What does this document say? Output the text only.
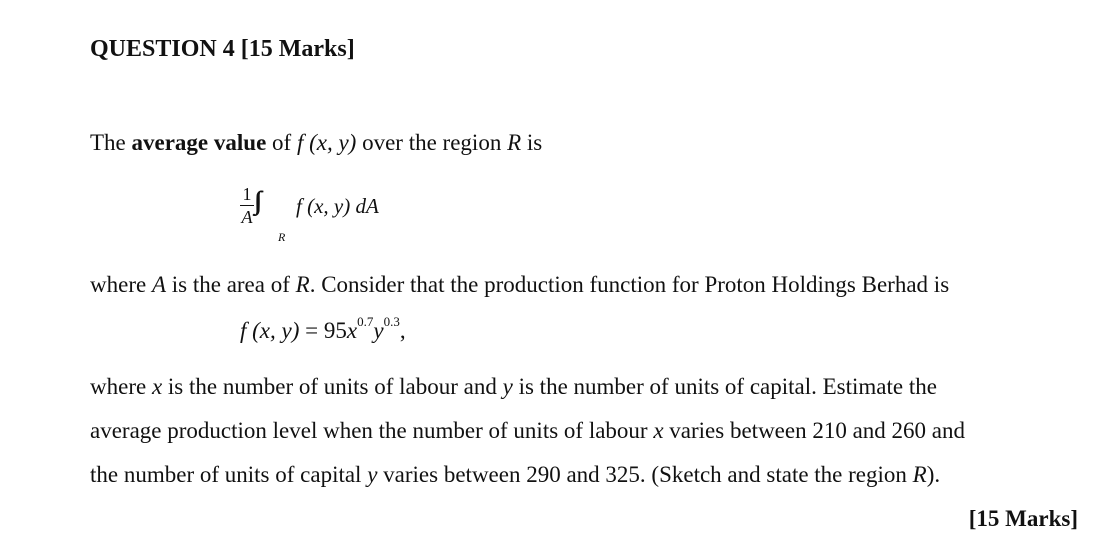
QUESTION 4 [15 Marks]
The average value of f (x, y) over the region R is
1
A
∫∫
R
f (x, y) dA
where A is the area of R. Consider that the production function for Proton Holdings Berhad is
f (x, $y) = 95x^{0.7}y^{0.3}$,
where x is the number of units of labour and y is the number of units of capital. Estimate the
average production level when the number of units of labour x varies between 210 and 260 and
the number of units of capital y varies between 290 and 325. (Sketch and state the region R).
[15 Marks]
